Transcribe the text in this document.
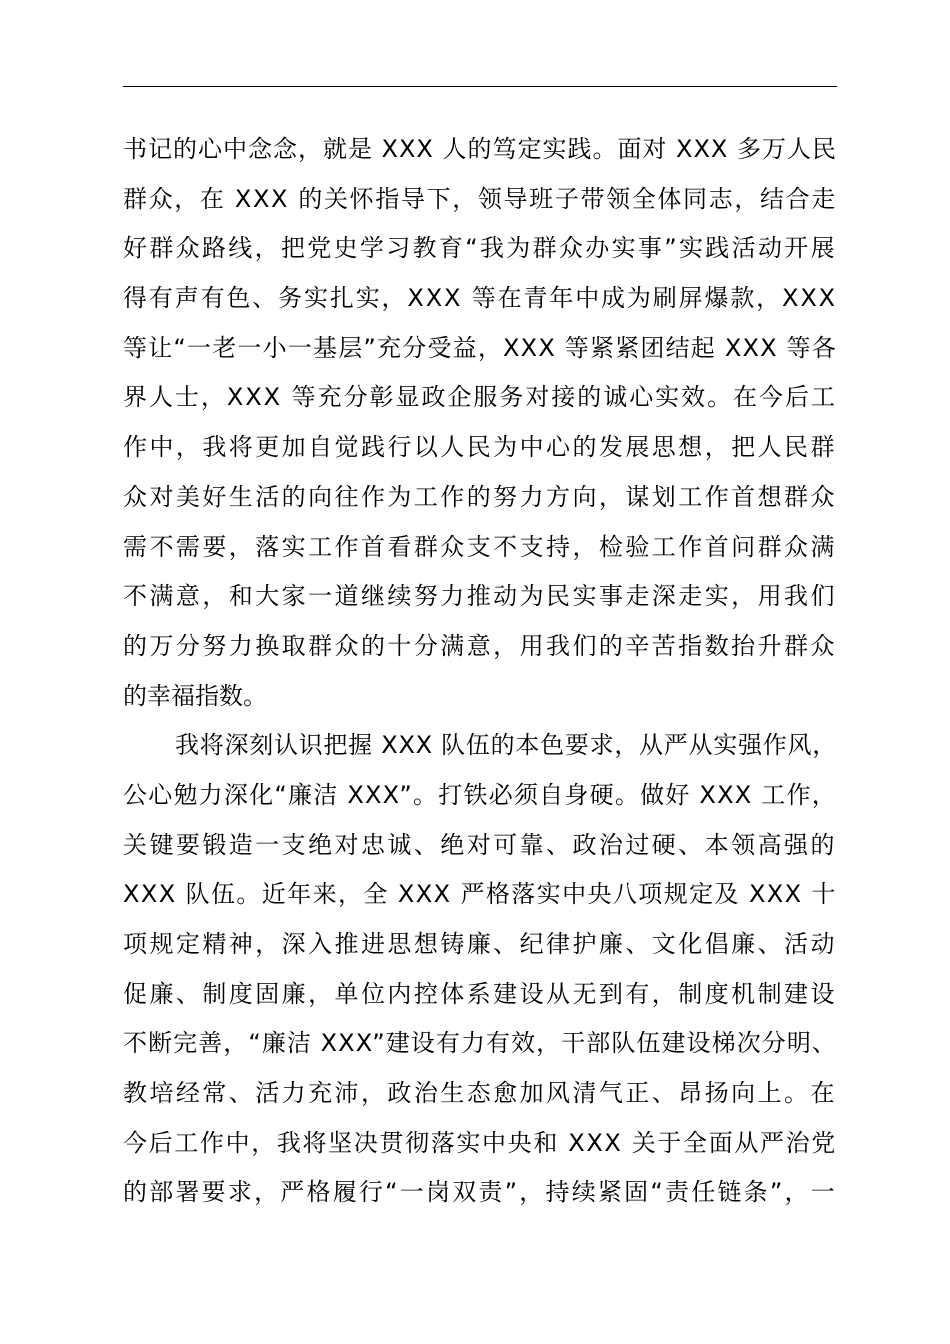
书记的心中念念，就是 XXX 人的笃定实践。面对 XXX 多万人民
群众，在 XXX 的关怀指导下，领导班子带领全体同志，结合走
好群众路线，把党史学习教育“我为群众办实事”实践活动开展
得有声有色、务实扎实，XXX 等在青年中成为刷屏爆款，XXX
等让“一老一小一基层”充分受益，XXX 等紧紧团结起 XXX 等各
界人士，XXX 等充分彰显政企服务对接的诚心实效。在今后工
作中，我将更加自觉践行以人民为中心的发展思想，把人民群
众对美好生活的向往作为工作的努力方向，谋划工作首想群众
需不需要，落实工作首看群众支不支持，检验工作首问群众满
不满意，和大家一道继续努力推动为民实事走深走实，用我们
的万分努力换取群众的十分满意，用我们的辛苦指数抬升群众
的幸福指数。
我将深刻认识把握 XXX 队伍的本色要求，从严从实强作风，
公心勉力深化“廉洁 XXX”。打铁必须自身硬。做好 XXX 工作，
关键要锻造一支绝对忠诚、绝对可靠、政治过硬、本领高强的
XXX 队伍。近年来，全 XXX 严格落实中央八项规定及 XXX 十
项规定精神，深入推进思想铸廉、纪律护廉、文化倡廉、活动
促廉、制度固廉，单位内控体系建设从无到有，制度机制建设
不断完善，“廉洁 XXX”建设有力有效，干部队伍建设梯次分明、
教培经常、活力充沛，政治生态愈加风清气正、昂扬向上。在
今后工作中，我将坚决贯彻落实中央和 XXX 关于全面从严治党
的部署要求，严格履行“一岗双责”，持续紧固“责任链条”，一
